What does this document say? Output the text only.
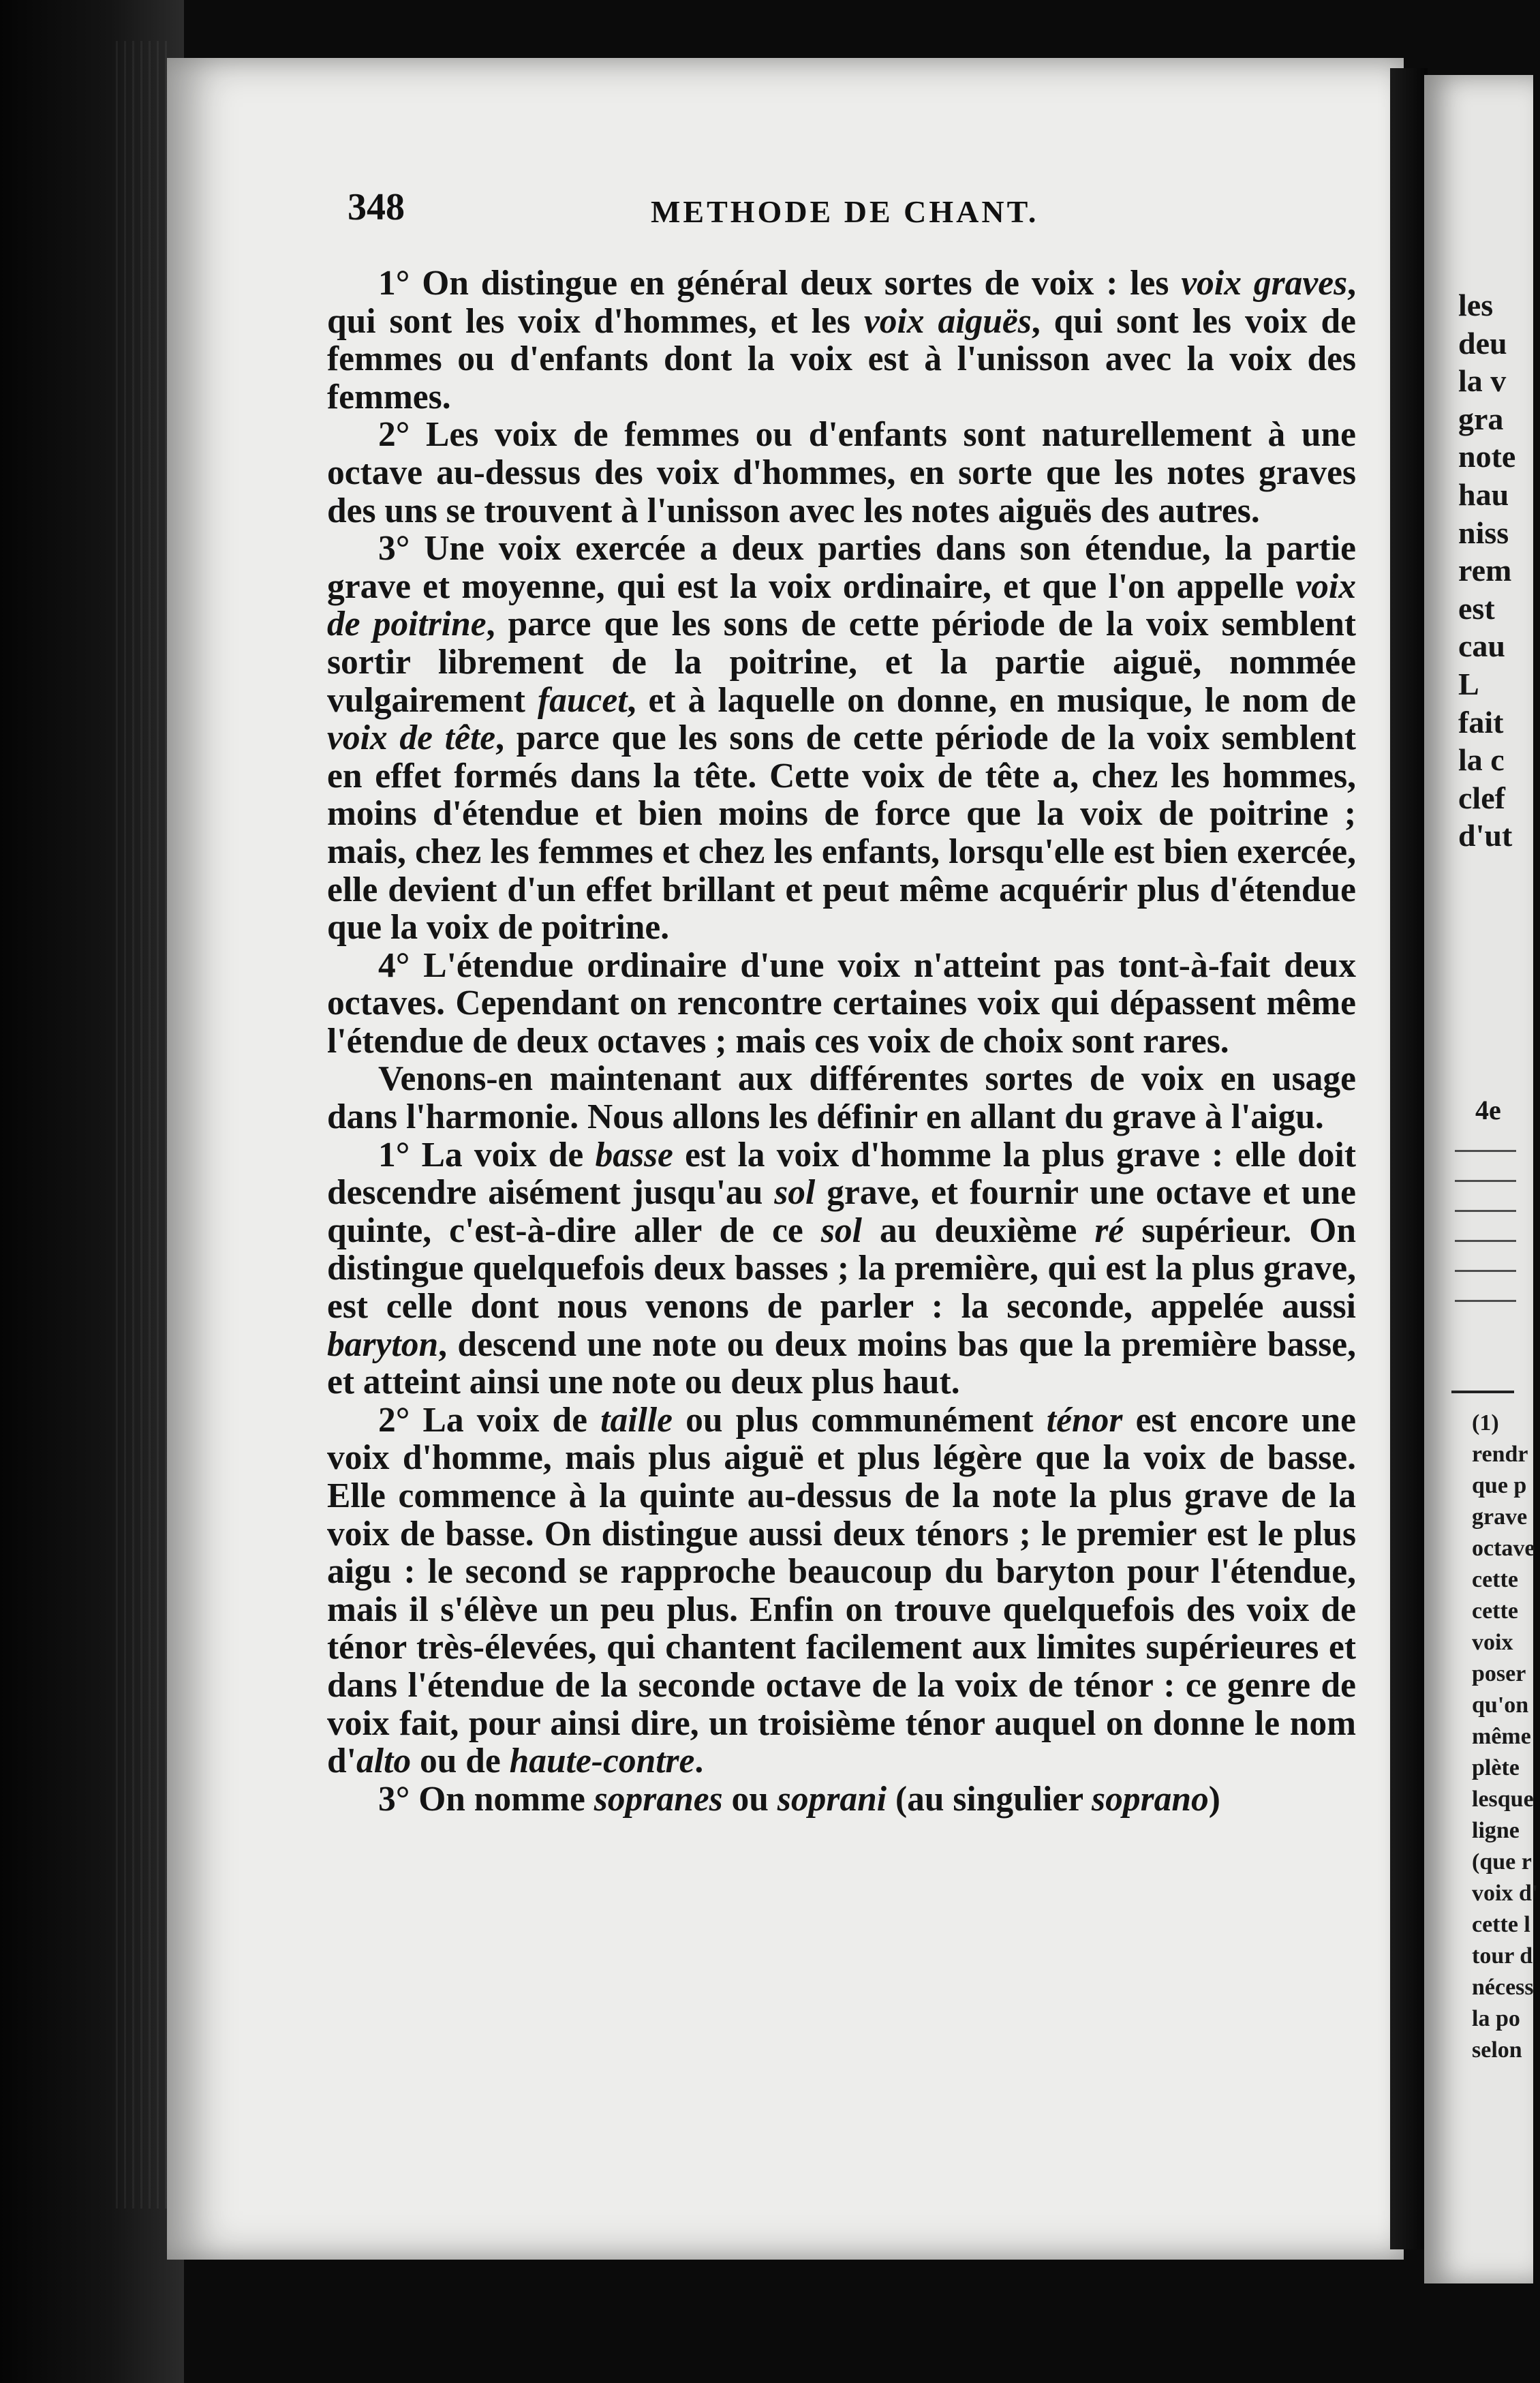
348	METHODE DE CHANT.

1° On distingue en général deux sortes de voix : les voix graves, qui sont les voix d'hommes, et les voix aiguës, qui sont les voix de femmes ou d'enfants dont la voix est à l'unisson avec la voix des femmes.

2° Les voix de femmes ou d'enfants sont naturellement à une octave au-dessus des voix d'hommes, en sorte que les notes graves des uns se trouvent à l'unisson avec les notes aiguës des autres.

3° Une voix exercée a deux parties dans son étendue, la partie grave et moyenne, qui est la voix ordinaire, et que l'on appelle voix de poitrine, parce que les sons de cette période de la voix semblent sortir librement de la poitrine, et la partie aiguë, nommée vulgairement faucet, et à laquelle on donne, en musique, le nom de voix de tête, parce que les sons de cette période de la voix semblent en effet formés dans la tête. Cette voix de tête a, chez les hommes, moins d'étendue et bien moins de force que la voix de poitrine ; mais, chez les femmes et chez les enfants, lorsqu'elle est bien exercée, elle devient d'un effet brillant et peut même acquérir plus d'étendue que la voix de poitrine.

4° L'étendue ordinaire d'une voix n'atteint pas tont-à-fait deux octaves. Cependant on rencontre certaines voix qui dépassent même l'étendue de deux octaves ; mais ces voix de choix sont rares.

Venons-en maintenant aux différentes sortes de voix en usage dans l'harmonie. Nous allons les définir en allant du grave à l'aigu.

1° La voix de basse est la voix d'homme la plus grave : elle doit descendre aisément jusqu'au sol grave, et fournir une octave et une quinte, c'est-à-dire aller de ce sol au deuxième ré supérieur. On distingue quelquefois deux basses ; la première, qui est la plus grave, est celle dont nous venons de parler : la seconde, appelée aussi baryton, descend une note ou deux moins bas que la première basse, et atteint ainsi une note ou deux plus haut.

2° La voix de taille ou plus communément ténor est encore une voix d'homme, mais plus aiguë et plus légère que la voix de basse. Elle commence à la quinte au-dessus de la note la plus grave de la voix de basse. On distingue aussi deux ténors ; le premier est le plus aigu : le second se rapproche beaucoup du baryton pour l'étendue, mais il s'élève un peu plus. Enfin on trouve quelquefois des voix de ténor très-élevées, qui chantent facilement aux limites supérieures et dans l'étendue de la seconde octave de la voix de ténor : ce genre de voix fait, pour ainsi dire, un troisième ténor auquel on donne le nom d'alto ou de haute-contre.

3° On nomme sopranes ou soprani (au singulier soprano)

les
deu
la v
gra
note
hau
niss
rem
est
cau
L
fait
la c
clef
d'ut
4e
(1)
rendr
que p
grave
octave
cette
cette
voix
poser
qu'on
même
plète
lesque
ligne
(que r
voix d'
cette l
tour d
nécess
la po
selon
